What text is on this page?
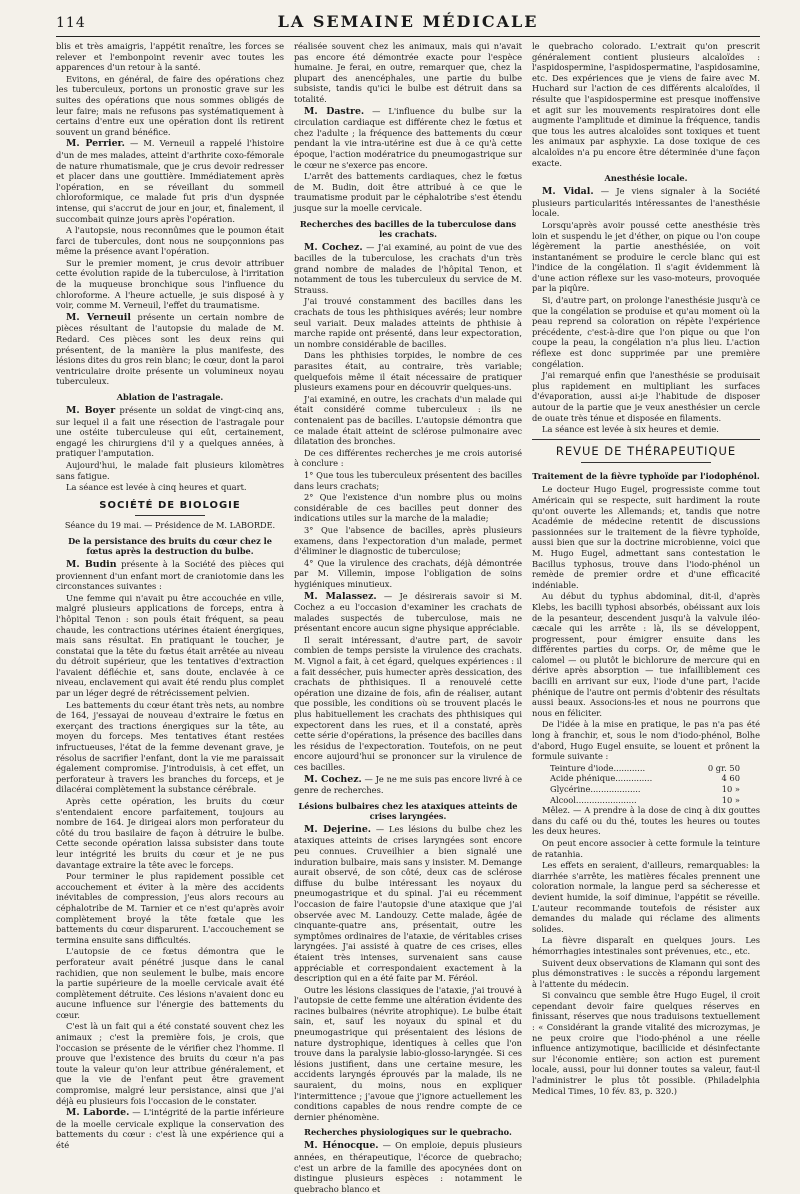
114	LA SEMAINE MÉDICALE

blis et très amaigris, l'appétit renaître, les forces se relever et l'embonpoint revenir avec toutes les apparences d'un retour à la santé.

Evitons, en général, de faire des opérations chez les tuberculeux, portons un pronostic grave sur les suites des opérations que nous sommes obligés de leur faire; mais ne refusons pas systématiquement à certains d'entre eux une opération dont ils retirent souvent un grand bénéfice.

M. Perrier. — M. Verneuil a rappelé l'histoire d'un de mes malades, atteint d'arthrite coxo-fémorale de nature rhumatismale, que je crus devoir redresser et placer dans une gouttière. Immédiatement après l'opération, en se réveillant du sommeil chloroformique, ce malade fut pris d'un dyspnée intense, qui s'accrut de jour en jour, et, finalement, il succombait quinze jours après l'opération.

A l'autopsie, nous reconnûmes que le poumon était farci de tubercules, dont nous ne soupçonnions pas même la présence avant l'opération.

Sur le premier moment, je crus devoir attribuer cette évolution rapide de la tuberculose, à l'irritation de la muqueuse bronchique sous l'influence du chloroforme. A l'heure actuelle, je suis disposé à y voir, comme M. Verneuil, l'effet du traumatisme.

M. Verneuil présente un certain nombre de pièces résultant de l'autopsie du malade de M. Redard. Ces pièces sont les deux reins qui présentent, de la manière la plus manifeste, des lésions dites du gros rein blanc; le cœur, dont la paroi ventriculaire droite présente un volumineux noyau tuberculeux.

Ablation de l'astragale.

M. Boyer présente un soldat de vingt-cinq ans, sur lequel il a fait une résection de l'astragale pour une ostéite tuberculeuse qui eût, certainement, engagé les chirurgiens d'il y a quelques années, à pratiquer l'amputation.

Aujourd'hui, le malade fait plusieurs kilomètres sans fatigue.

La séance est levée à cinq heures et quart.

SOCIÉTÉ DE BIOLOGIE
Séance du 19 mai. — Présidence de M. LABORDE.
De la persistance des bruits du cœur chez le fœtus après la destruction du bulbe.

M. Budin présente à la Société des pièces qui proviennent d'un enfant mort de craniotomie dans les circonstances suivantes :

Une femme qui n'avait pu être accouchée en ville, malgré plusieurs applications de forceps, entra à l'hôpital Tenon : son pouls était fréquent, sa peau chaude, les contractions utérines étaient énergiques, mais sans résultat. En pratiquant le toucher, je constatai que la tête du fœtus était arrêtée au niveau du détroit supérieur, que les tentatives d'extraction l'avaient défléchie et, sans doute, enclavée à ce niveau, enclavement qui avait été rendu plus complet par un léger degré de rétrécissement pelvien.

Les battements du cœur étant très nets, au nombre de 164, j'essayai de nouveau d'extraire le fœtus en exerçant des tractions énergiques sur la tête, au moyen du forceps. Mes tentatives étant restées infructueuses, l'état de la femme devenant grave, je résolus de sacrifier l'enfant, dont la vie me paraissait également compromise. J'introduisis, à cet effet, un perforateur à travers les branches du forceps, et je dilacérai complètement la substance cérébrale.

Après cette opération, les bruits du cœur s'entendaient encore parfaitement, toujours au nombre de 164. Je dirigeai alors mon perforateur du côté du trou basilaire de façon à détruire le bulbe. Cette seconde opération laissa subsister dans toute leur intégrité les bruits du cœur et je ne pus davantage extraire la tête avec le forceps.

Pour terminer le plus rapidement possible cet accouchement et éviter à la mère des accidents inévitables de compression, j'eus alors recours au céphalotribe de M. Tarnier et ce n'est qu'après avoir complètement broyé la tête fœtale que les battements du cœur disparurent. L'accouchement se termina ensuite sans difficultés.

L'autopsie de ce fœtus démontra que le perforateur avait pénétré jusque dans le canal rachidien, que non seulement le bulbe, mais encore la partie supérieure de la moelle cervicale avait été complètement détruite. Ces lésions n'avaient donc eu aucune influence sur l'énergie des battements du cœur.

C'est là un fait qui a été constaté souvent chez les animaux ; c'est la première fois, je crois, que l'occasion se présente de le vérifier chez l'homme. Il prouve que l'existence des bruits du cœur n'a pas toute la valeur qu'on leur attribue généralement, et que la vie de l'enfant peut être gravement compromise, malgré leur persistance, ainsi que j'ai déjà eu plusieurs fois l'occasion de le constater.

M. Laborde. — L'intégrité de la partie inférieure de la moelle cervicale explique la conservation des battements du cœur : c'est là une expérience qui a été

réalisée souvent chez les animaux, mais qui n'avait pas encore été démontrée exacte pour l'espèce humaine. Je ferai, en outre, remarquer que, chez la plupart des anencéphales, une partie du bulbe subsiste, tandis qu'ici le bulbe est détruit dans sa totalité.

M. Dastre. — L'influence du bulbe sur la circulation cardiaque est différente chez le fœtus et chez l'adulte ; la fréquence des battements du cœur pendant la vie intra-utérine est due à ce qu'à cette époque, l'action modératrice du pneumogastrique sur le cœur ne s'exerce pas encore.

L'arrêt des battements cardiaques, chez le fœtus de M. Budin, doit être attribué à ce que le traumatisme produit par le céphalotribe s'est étendu jusque sur la moelle cervicale.

Recherches des bacilles de la tuberculose dans les crachats.

M. Cochez. — J'ai examiné, au point de vue des bacilles de la tuberculose, les crachats d'un très grand nombre de malades de l'hôpital Tenon, et notamment de tous les tuberculeux du service de M. Strauss.

J'ai trouvé constamment des bacilles dans les crachats de tous les phthisiques avérés; leur nombre seul variait. Deux malades atteints de phthisie à marche rapide ont présenté, dans leur expectoration, un nombre considérable de bacilles.

Dans les phthisies torpides, le nombre de ces parasites était, au contraire, très variable; quelquefois même il était nécessaire de pratiquer plusieurs examens pour en découvrir quelques-uns.

J'ai examiné, en outre, les crachats d'un malade qui était considéré comme tuberculeux : ils ne contenaient pas de bacilles. L'autopsie démontra que ce malade était atteint de sclérose pulmonaire avec dilatation des bronches.

De ces différentes recherches je me crois autorisé à conclure :

1° Que tous les tuberculeux présentent des bacilles dans leurs crachats;

2° Que l'existence d'un nombre plus ou moins considérable de ces bacilles peut donner des indications utiles sur la marche de la maladie;

3° Que l'absence de bacilles, après plusieurs examens, dans l'expectoration d'un malade, permet d'éliminer le diagnostic de tuberculose;

4° Que la virulence des crachats, déjà démontrée par M. Villemin, impose l'obligation de soins hygiéniques minutieux.

M. Malassez. — Je désirerais savoir si M. Cochez a eu l'occasion d'examiner les crachats de malades suspectés de tuberculose, mais ne présentant encore aucun signe physique appréciable.

Il serait intéressant, d'autre part, de savoir combien de temps persiste la virulence des crachats. M. Vignol a fait, à cet égard, quelques expériences : il a fait dessécher, puis humecter après dessication, des crachats de phthisiques. Il a renouvelé cette opération une dizaine de fois, afin de réaliser, autant que possible, les conditions où se trouvent placés le plus habituellement les crachats des phthisiques qui expectorent dans les rues, et il a constaté, après cette série d'opérations, la présence des bacilles dans les résidus de l'expectoration. Toutefois, on ne peut encore aujourd'hui se prononcer sur la virulence de ces bacilles.

M. Cochez. — Je ne me suis pas encore livré à ce genre de recherches.

Lésions bulbaires chez les ataxiques atteints de crises laryngées.

M. Dejerine. — Les lésions du bulbe chez les ataxiques atteints de crises laryngées sont encore peu connues. Cruveilhier a bien signalé une induration bulbaire, mais sans y insister. M. Demange aurait observé, de son côté, deux cas de sclérose diffuse du bulbe intéressant les noyaux du pneumogastrique et du spinal. J'ai eu récemment l'occasion de faire l'autopsie d'une ataxique que j'ai observée avec M. Landouzy. Cette malade, âgée de cinquante-quatre ans, présentait, outre les symptômes ordinaires de l'ataxie, de véritables crises laryngées. J'ai assisté à quatre de ces crises, elles étaient très intenses, survenaient sans cause appréciable et correspondaient exactement à la description qui en a été faite par M. Féréol.

Outre les lésions classiques de l'ataxie, j'ai trouvé à l'autopsie de cette femme une altération évidente des racines bulbaires (névrite atrophique). Le bulbe était sain, et, sauf les noyaux du spinal et du pneumogastrique qui présentaient des lésions de nature dystrophique, identiques à celles que l'on trouve dans la paralysie labio-glosso-laryngée. Si ces lésions justifient, dans une certaine mesure, les accidents laryngés éprouvés par la malade, ils ne sauraient, du moins, nous en expliquer l'intermittence ; j'avoue que j'ignore actuellement les conditions capables de nous rendre compte de ce dernier phénomène.

Recherches physiologiques sur le quebracho.

M. Hénocque. — On emploie, depuis plusieurs années, en thérapeutique, l'écorce de quebracho; c'est un arbre de la famille des apocynées dont on distingue plusieurs espèces : notamment le quebracho blanco et

le quebracho colorado. L'extrait qu'on prescrit généralement contient plusieurs alcaloïdes : l'aspidospermine, l'aspidospermatine, l'aspidosamine, etc. Des expériences que je viens de faire avec M. Huchard sur l'action de ces différents alcaloïdes, il résulte que l'aspidospermine est presque inoffensive et agit sur les mouvements respiratoires dont elle augmente l'amplitude et diminue la fréquence, tandis que tous les autres alcaloïdes sont toxiques et tuent les animaux par asphyxie. La dose toxique de ces alcaloïdes n'a pu encore être déterminée d'une façon exacte.

Anesthésie locale.

M. Vidal. — Je viens signaler à la Société plusieurs particularités intéressantes de l'anesthésie locale.

Lorsqu'après avoir poussé cette anesthésie très loin et suspendu le jet d'éther, on pique ou l'on coupe légèrement la partie anesthésiée, on voit instantanément se produire le cercle blanc qui est l'indice de la congélation. Il s'agit évidemment là d'une action réflexe sur les vaso-moteurs, provoquée par la piqûre.

Si, d'autre part, on prolonge l'anesthésie jusqu'à ce que la congélation se produise et qu'au moment où la peau reprend sa coloration on répète l'expérience précédente, c'est-à-dire que l'on pique ou que l'on coupe la peau, la congélation n'a plus lieu. L'action réflexe est donc supprimée par une première congélation.

J'ai remarqué enfin que l'anesthésie se produisait plus rapidement en multipliant les surfaces d'évaporation, aussi ai-je l'habitude de disposer autour de la partie que je veux anesthésier un cercle de ouate très ténue et disposée en filaments.

La séance est levée à six heures et demie.

REVUE DE THÉRAPEUTIQUE
Traitement de la fièvre typhoïde par l'iodophénol.

Le docteur Hugo Eugel, progressiste comme tout Américain qui se respecte, suit hardiment la route qu'ont ouverte les Allemands; et, tandis que notre Académie de médecine retentit de discussions passionnées sur le traitement de la fièvre typhoïde, aussi bien que sur la doctrine microbienne, voici que M. Hugo Eugel, admettant sans contestation le Bacillus typhosus, trouve dans l'iodo-phénol un remède de premier ordre et d'une efficacité indéniable.

Au début du typhus abdominal, dit-il, d'après Klebs, les bacilli typhosi absorbés, obéissant aux lois de la pesanteur, descendent jusqu'à la valvule iléo-cæcale qui les arrête : là, ils se développent, progressent, pour émigrer ensuite dans les différentes parties du corps. Or, de même que le calomel — ou plutôt le bichlorure de mercure qui en dérive après absorption — tue infailliblement ces bacilli en arrivant sur eux, l'iode d'une part, l'acide phénique de l'autre ont permis d'obtenir des résultats aussi beaux. Associons-les et nous ne pourrons que nous en féliciter.

De l'idée à la mise en pratique, le pas n'a pas été long à franchir, et, sous le nom d'iodo-phénol, Bolhe d'abord, Hugo Eugel ensuite, se louent et prônent la formule suivante :

Teinture d'iode............	0 gr. 50
Acide phénique..............	4 60
Glycérine...................	10 »
Alcool.......................	10 »

Mêlez. — A prendre à la dose de cinq à dix gouttes dans du café ou du thé, toutes les heures ou toutes les deux heures.

On peut encore associer à cette formule la teinture de ratanhia.

Les effets en seraient, d'ailleurs, remarquables: la diarrhée s'arrête, les matières fécales prennent une coloration normale, la langue perd sa sécheresse et devient humide, la soif diminue, l'appétit se réveille. L'auteur recommande toutefois de résister aux demandes du malade qui réclame des aliments solides.

La fièvre disparaît en quelques jours. Les hémorrhagies intestinales sont prévenues, etc., etc.

Suivent deux observations de Klamann qui sont des plus démonstratives : le succès a répondu largement à l'attente du médecin.

Si convaincu que semble être Hugo Eugel, il croit cependant devoir faire quelques réserves en finissant, réserves que nous traduisons textuellement : « Considérant la grande vitalité des microzymas, je ne peux croire que l'iodo-phénol a une réelle influence antizymotique, bacillicide et désinfectante sur l'économie entière; son action est purement locale, aussi, pour lui donner toutes sa valeur, faut-il l'administrer le plus tôt possible. (Philadelphia Medical Times, 10 fév. 83, p. 320.)
